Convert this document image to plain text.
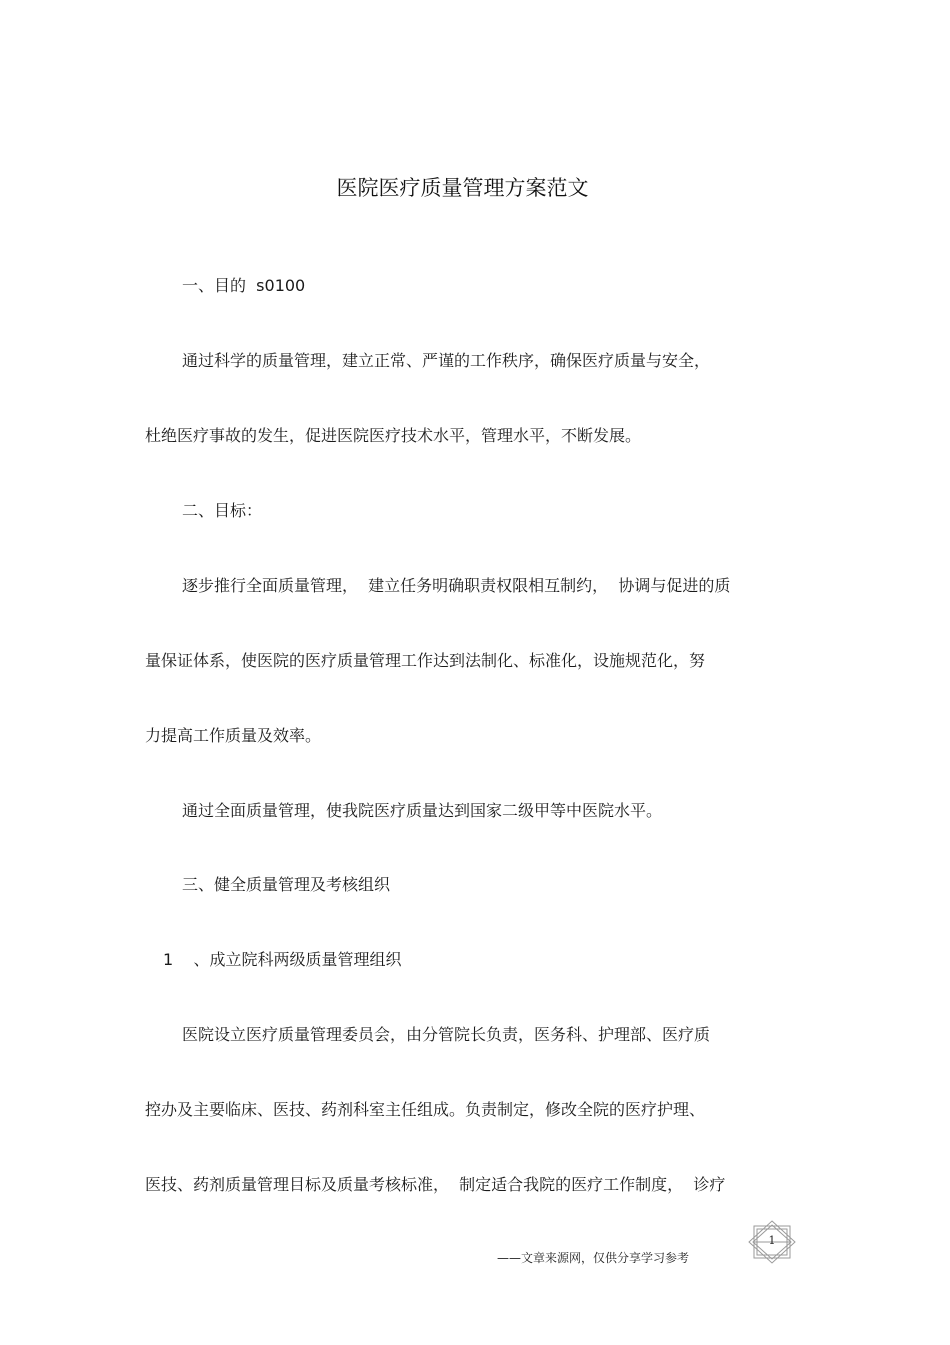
医院医疗质量管理方案范文
一、目的  s0100
通过科学的质量管理，建立正常、严谨的工作秩序，确保医疗质量与安全，
杜绝医疗事故的发生，促进医院医疗技术水平，管理水平，不断发展。
二、目标：
逐步推行全面质量管理，  建立任务明确职责权限相互制约，  协调与促进的质
量保证体系，使医院的医疗质量管理工作达到法制化、标准化，设施规范化，努
力提高工作质量及效率。
通过全面质量管理，使我院医疗质量达到国家二级甲等中医院水平。
三、健全质量管理及考核组织
1    、成立院科两级质量管理组织
医院设立医疗质量管理委员会，由分管院长负责，医务科、护理部、医疗质
控办及主要临床、医技、药剂科室主任组成。负责制定，修改全院的医疗护理、
医技、药剂质量管理目标及质量考核标准，  制定适合我院的医疗工作制度，  诊疗
——文章来源网，仅供分享学习参考
1
